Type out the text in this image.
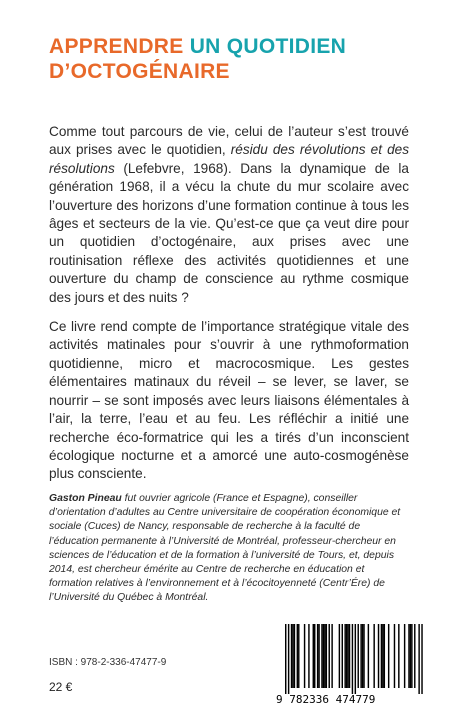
APPRENDRE UN QUOTIDIEN
D’OCTOGÉNAIRE

Comme tout parcours de vie, celui de l’auteur s’est trouvé aux prises avec le quotidien, résidu des révolutions et des résolutions (Lefebvre, 1968). Dans la dynamique de la génération 1968, il a vécu la chute du mur scolaire avec l’ouverture des horizons d’une formation continue à tous les âges et secteurs de la vie. Qu’est-ce que ça veut dire pour un quotidien d’octogénaire, aux prises avec une routinisation réflexe des activités quotidiennes et une ouverture du champ de conscience au rythme cosmique des jours et des nuits ?

Ce livre rend compte de l’importance stratégique vitale des activités matinales pour s’ouvrir à une rythmoformation quotidienne, micro et macrocosmique. Les gestes élémentaires matinaux du réveil – se lever, se laver, se nourrir – se sont imposés avec leurs liaisons élémentales à l’air, la terre, l’eau et au feu. Les réfléchir a initié une recherche éco-formatrice qui les a tirés d’un inconscient écologique nocturne et a amorcé une auto-cosmogénèse plus consciente.

Gaston Pineau fut ouvrier agricole (France et Espagne), conseiller d’orientation d’adultes au Centre universitaire de coopération économique et sociale (Cuces) de Nancy, responsable de recherche à la faculté de l’éducation permanente à l’Université de Montréal, professeur-chercheur en sciences de l’éducation et de la formation à l’université de Tours, et, depuis 2014, est chercheur émérite au Centre de recherche en éducation et formation relatives à l’environnement et à l’écocitoyenneté (Centr’Ére) de l’Université du Québec à Montréal.

ISBN : 978-2-336-47477-9
22 €
9 782336 474779
